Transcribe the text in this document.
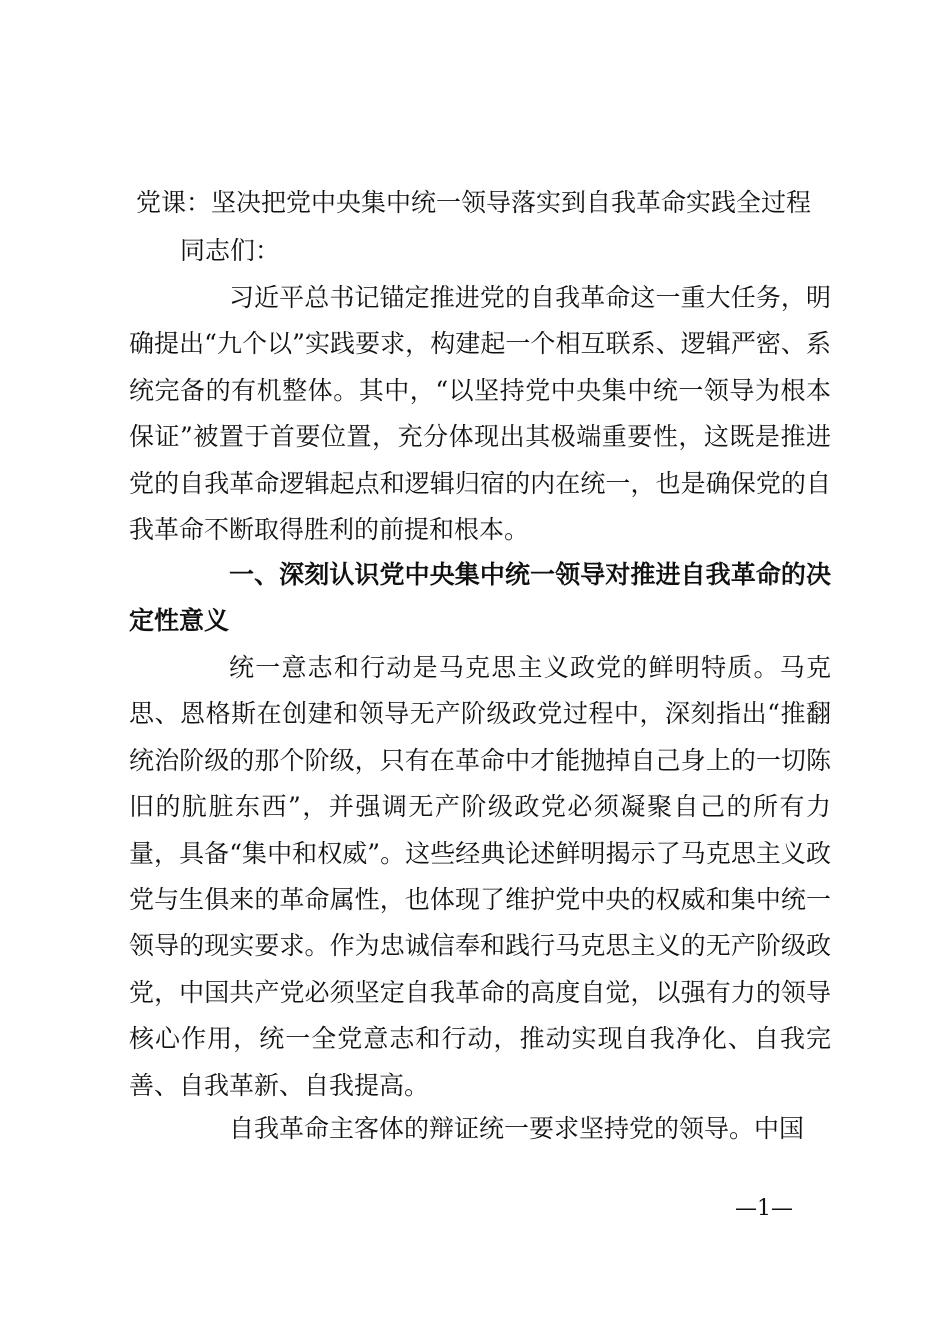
党课：坚决把党中央集中统一领导落实到自我革命实践全过程
同志们：

习近平总书记锚定推进党的自我革命这一重大任务，明确提出“九个以”实践要求，构建起一个相互联系、逻辑严密、系统完备的有机整体。其中，“以坚持党中央集中统一领导为根本保证”被置于首要位置，充分体现出其极端重要性，这既是推进党的自我革命逻辑起点和逻辑归宿的内在统一，也是确保党的自我革命不断取得胜利的前提和根本。

一、深刻认识党中央集中统一领导对推进自我革命的决定性意义

统一意志和行动是马克思主义政党的鲜明特质。马克思、恩格斯在创建和领导无产阶级政党过程中，深刻指出“推翻统治阶级的那个阶级，只有在革命中才能抛掉自己身上的一切陈旧的肮脏东西”，并强调无产阶级政党必须凝聚自己的所有力量，具备“集中和权威”。这些经典论述鲜明揭示了马克思主义政党与生俱来的革命属性，也体现了维护党中央的权威和集中统一领导的现实要求。作为忠诚信奉和践行马克思主义的无产阶级政党，中国共产党必须坚定自我革命的高度自觉，以强有力的领导核心作用，统一全党意志和行动，推动实现自我净化、自我完善、自我革新、自我提高。

自我革命主客体的辩证统一要求坚持党的领导。中国

—1—
